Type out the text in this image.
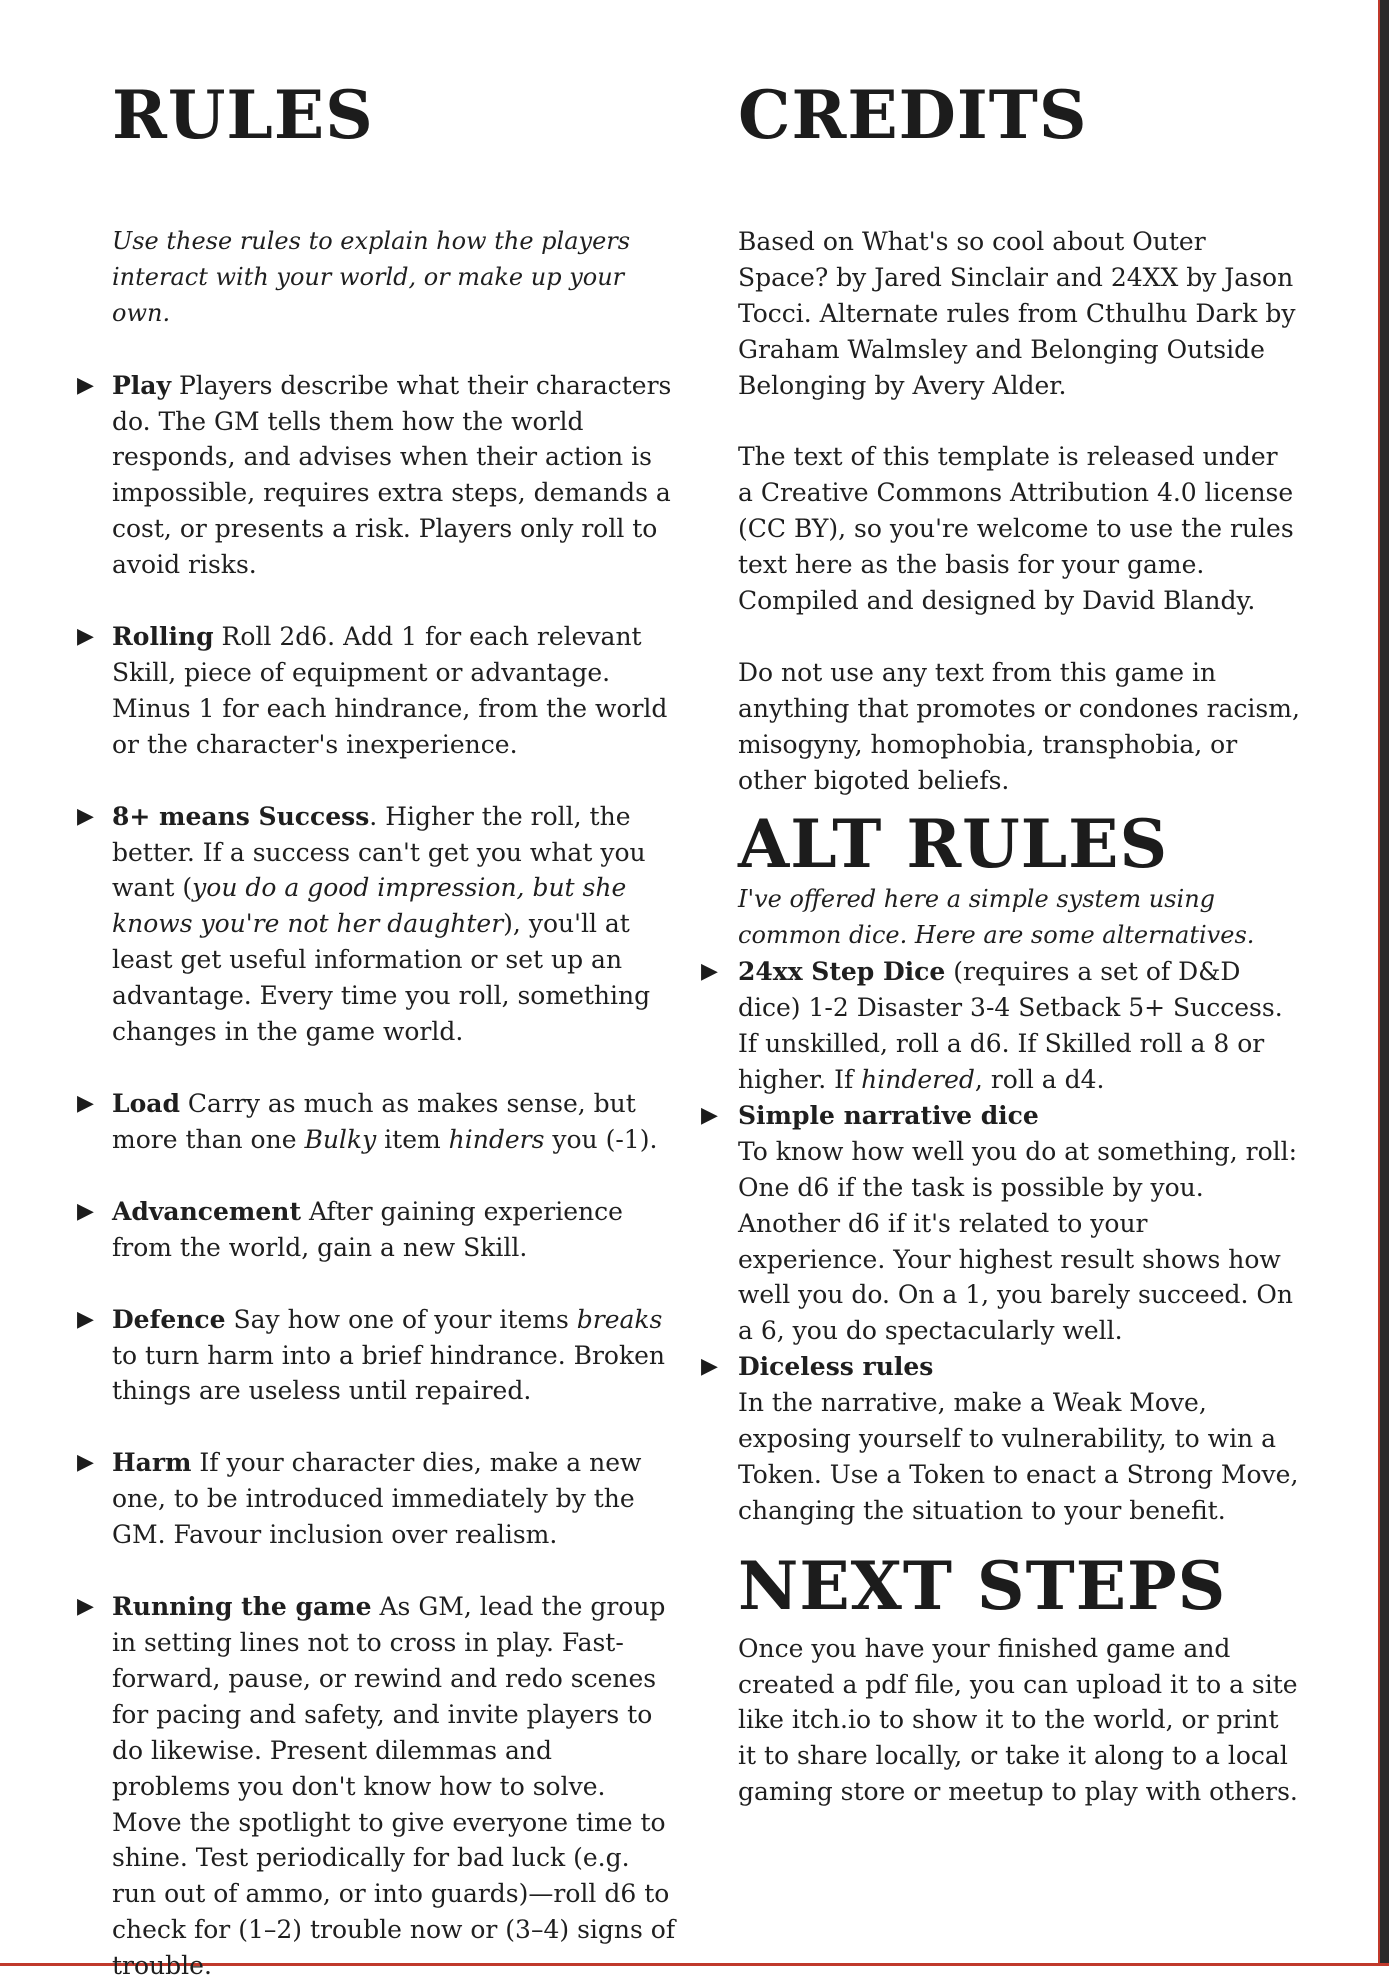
RULES

Use these rules to explain how the players interact with your world, or make up your own.

▶ Play Players describe what their characters do. The GM tells them how the world responds, and advises when their action is impossible, requires extra steps, demands a cost, or presents a risk. Players only roll to avoid risks.
▶ Rolling Roll 2d6. Add 1 for each relevant Skill, piece of equipment or advantage. Minus 1 for each hindrance, from the world or the character's inexperience.
▶ 8+ means Success. Higher the roll, the better. If a success can't get you what you want (you do a good impression, but she knows you're not her daughter), you'll at least get useful information or set up an advantage. Every time you roll, something changes in the game world.
▶ Load Carry as much as makes sense, but more than one Bulky item hinders you (-1).
▶ Advancement After gaining experience from the world, gain a new Skill.
▶ Defence Say how one of your items breaks to turn harm into a brief hindrance. Broken things are useless until repaired.
▶ Harm If your character dies, make a new one, to be introduced immediately by the GM. Favour inclusion over realism.
▶ Running the game As GM, lead the group in setting lines not to cross in play. Fast-forward, pause, or rewind and redo scenes for pacing and safety, and invite players to do likewise. Present dilemmas and problems you don't know how to solve. Move the spotlight to give everyone time to shine. Test periodically for bad luck (e.g. run out of ammo, or into guards)—roll d6 to check for (1–2) trouble now or (3–4) signs of trouble.
CREDITS

Based on What's so cool about Outer Space? by Jared Sinclair and 24XX by Jason Tocci. Alternate rules from Cthulhu Dark by Graham Walmsley and Belonging Outside Belonging by Avery Alder.

The text of this template is released under a Creative Commons Attribution 4.0 license (CC BY), so you're welcome to use the rules text here as the basis for your game. Compiled and designed by David Blandy.

Do not use any text from this game in anything that promotes or condones racism, misogyny, homophobia, transphobia, or other bigoted beliefs.

ALT RULES

I've offered here a simple system using common dice. Here are some alternatives.

▶ 24xx Step Dice (requires a set of D&D dice) 1-2 Disaster 3-4 Setback 5+ Success. If unskilled, roll a d6. If Skilled roll a 8 or higher. If hindered, roll a d4.
▶ Simple narrative dice
To know how well you do at something, roll: One d6 if the task is possible by you. Another d6 if it's related to your experience. Your highest result shows how well you do. On a 1, you barely succeed. On a 6, you do spectacularly well.
▶ Diceless rules
In the narrative, make a Weak Move, exposing yourself to vulnerability, to win a Token. Use a Token to enact a Strong Move, changing the situation to your benefit.
NEXT STEPS

Once you have your finished game and created a pdf file, you can upload it to a site like itch.io to show it to the world, or print it to share locally, or take it along to a local gaming store or meetup to play with others.
